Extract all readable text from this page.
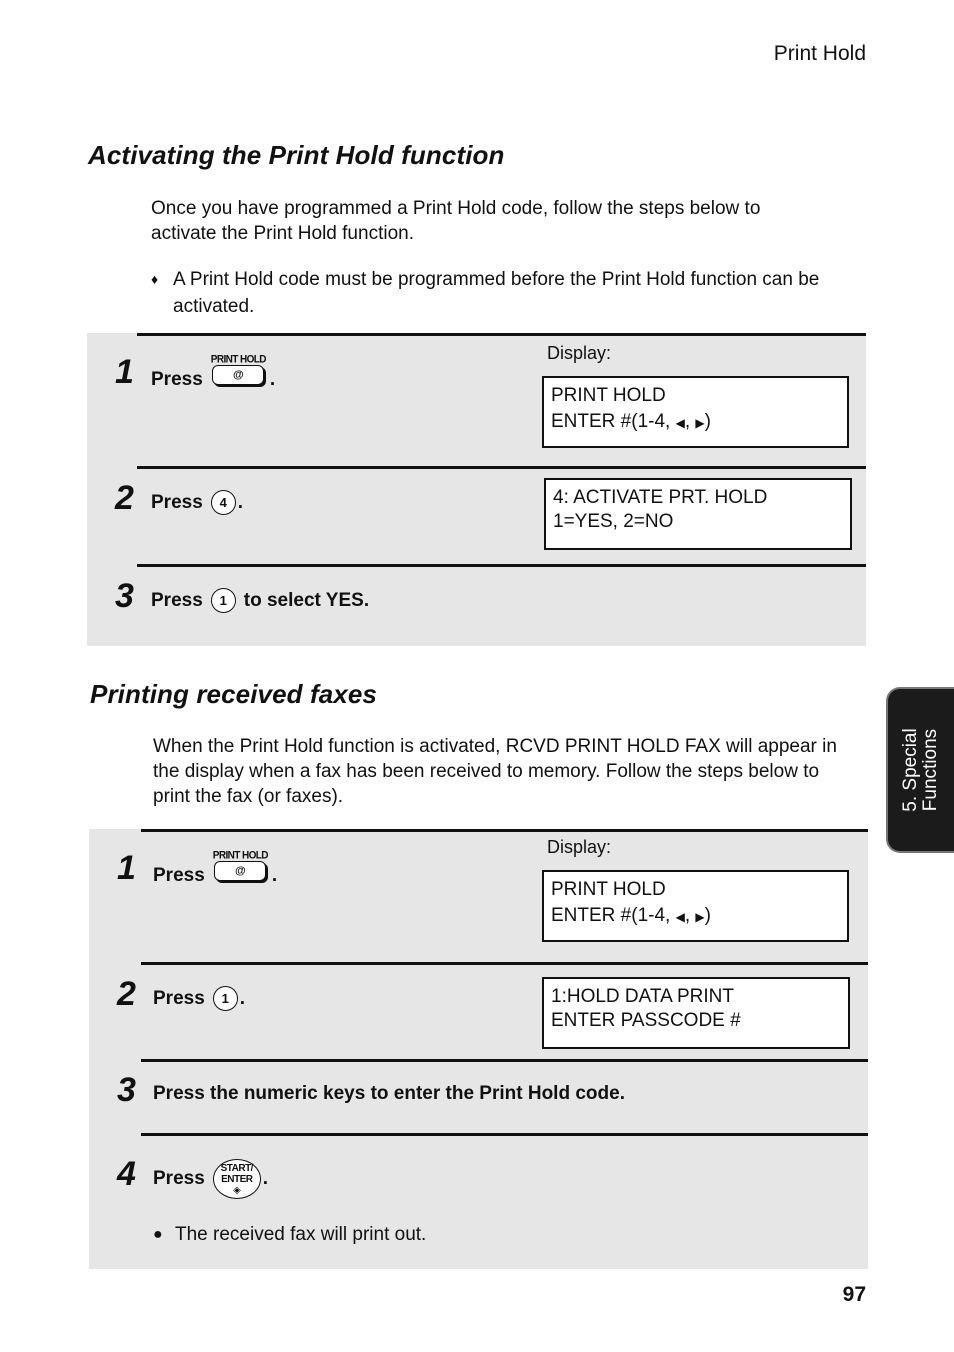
Print Hold
Activating the Print Hold function
Once you have programmed a Print Hold code, follow the steps below to activate the Print Hold function.
♦ A Print Hold code must be programmed before the Print Hold function can be activated.
1 Press
PRINT HOLD
@	.
Display:
PRINT HOLD
ENTER #(1-4, ◀, ▶)
2 Press	4 .	4: ACTIVATE PRT. HOLD
1=YES, 2=NO
3 Press	1 to select YES.
Printing received faxes
When the Print Hold function is activated, RCVD PRINT HOLD FAX will appear in the display when a fax has been received to memory. Follow the steps below to print the fax (or faxes).
1 Press
PRINT HOLD
@	.
Display:
PRINT HOLD
ENTER #(1-4, ◀, ▶)
2 Press	1 .	1:HOLD DATA PRINT
ENTER PASSCODE #
3 Press the numeric keys to enter the Print Hold code.
4 Press START/
ENTER
◈
.
● The received fax will print out.
5. Special Functions
97
